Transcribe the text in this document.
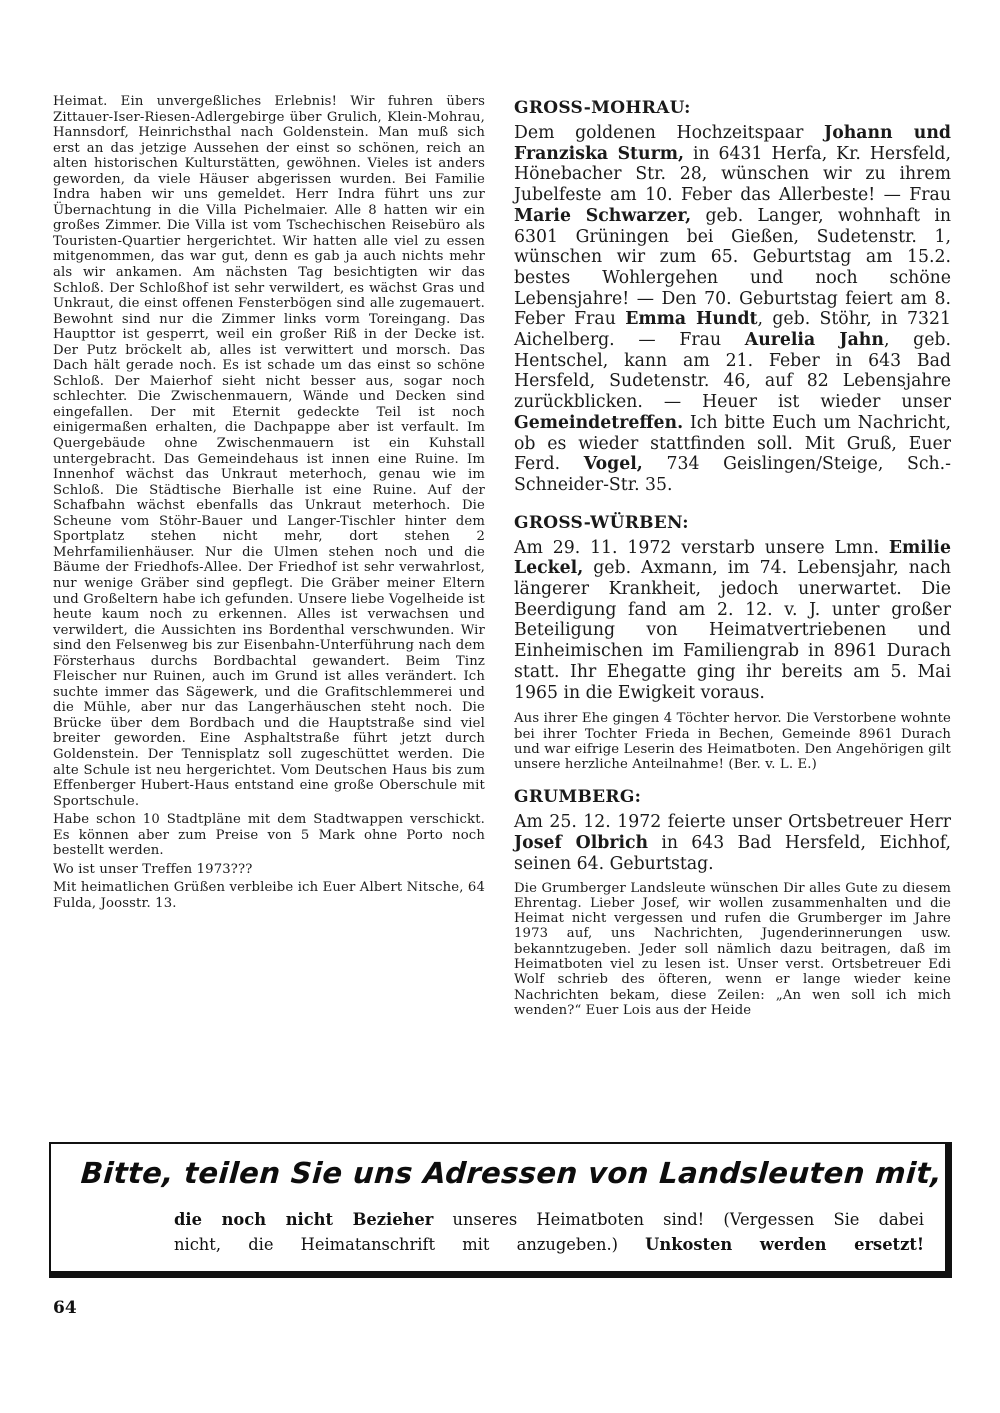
Heimat. Ein unvergeßliches Erlebnis! Wir fuhren übers Zittauer-Iser-Riesen-Adlergebirge über Grulich, Klein-Mohrau, Hannsdorf, Heinrichsthal nach Goldenstein. Man muß sich erst an das jetzige Aussehen der einst so schönen, reich an alten historischen Kulturstätten, gewöhnen. Vieles ist anders geworden, da viele Häuser abgerissen wurden. Bei Familie Indra haben wir uns gemeldet. Herr Indra führt uns zur Übernachtung in die Villa Pichelmaier. Alle 8 hatten wir ein großes Zimmer. Die Villa ist vom Tschechischen Reisebüro als Touristen-Quartier hergerichtet. Wir hatten alle viel zu essen mitgenommen, das war gut, denn es gab ja auch nichts mehr als wir ankamen. Am nächsten Tag besichtigten wir das Schloß. Der Schloßhof ist sehr verwildert, es wächst Gras und Unkraut, die einst offenen Fensterbögen sind alle zugemauert. Bewohnt sind nur die Zimmer links vorm Toreingang. Das Haupttor ist gesperrt, weil ein großer Riß in der Decke ist. Der Putz bröckelt ab, alles ist verwittert und morsch. Das Dach hält gerade noch. Es ist schade um das einst so schöne Schloß. Der Maierhof sieht nicht besser aus, sogar noch schlechter. Die Zwischenmauern, Wände und Decken sind eingefallen. Der mit Eternit gedeckte Teil ist noch einigermaßen erhalten, die Dachpappe aber ist verfault. Im Quergebäude ohne Zwischenmauern ist ein Kuhstall untergebracht. Das Gemeindehaus ist innen eine Ruine. Im Innenhof wächst das Unkraut meterhoch, genau wie im Schloß. Die Städtische Bierhalle ist eine Ruine. Auf der Schafbahn wächst ebenfalls das Unkraut meterhoch. Die Scheune vom Stöhr-Bauer und Langer-Tischler hinter dem Sportplatz stehen nicht mehr, dort stehen 2 Mehrfamilienhäuser. Nur die Ulmen stehen noch und die Bäume der Friedhofs-Allee. Der Friedhof ist sehr verwahrlost, nur wenige Gräber sind gepflegt. Die Gräber meiner Eltern und Großeltern habe ich gefunden. Unsere liebe Vogelheide ist heute kaum noch zu erkennen. Alles ist verwachsen und verwildert, die Aussichten ins Bordenthal verschwunden. Wir sind den Felsenweg bis zur Eisenbahn-Unterführung nach dem Försterhaus durchs Bordbachtal gewandert. Beim Tinz Fleischer nur Ruinen, auch im Grund ist alles verändert. Ich suchte immer das Sägewerk, und die Grafitschlemmerei und die Mühle, aber nur das Langerhäuschen steht noch. Die Brücke über dem Bordbach und die Hauptstraße sind viel breiter geworden. Eine Asphaltstraße führt jetzt durch Goldenstein. Der Tennisplatz soll zugeschüttet werden. Die alte Schule ist neu hergerichtet. Vom Deutschen Haus bis zum Effenberger Hubert-Haus entstand eine große Oberschule mit Sportschule.

Habe schon 10 Stadtpläne mit dem Stadtwappen verschickt. Es können aber zum Preise von 5 Mark ohne Porto noch bestellt werden.

Wo ist unser Treffen 1973???

Mit heimatlichen Grüßen verbleibe ich Euer Albert Nitsche, 64 Fulda, Joosstr. 13.

GROSS-MOHRAU:
Dem goldenen Hochzeitspaar Johann und Franziska Sturm, in 6431 Herfa, Kr. Hersfeld, Hönebacher Str. 28, wünschen wir zu ihrem Jubelfeste am 10. Feber das Allerbeste! — Frau Marie Schwarzer, geb. Langer, wohnhaft in 6301 Grüningen bei Gießen, Sudetenstr. 1, wünschen wir zum 65. Geburtstag am 15.2. bestes Wohlergehen und noch schöne Lebensjahre! — Den 70. Geburtstag feiert am 8. Feber Frau Emma Hundt, geb. Stöhr, in 7321 Aichelberg. — Frau Aurelia Jahn, geb. Hentschel, kann am 21. Feber in 643 Bad Hersfeld, Sudetenstr. 46, auf 82 Lebensjahre zurückblicken. — Heuer ist wieder unser Gemeindetreffen. Ich bitte Euch um Nachricht, ob es wieder stattfinden soll. Mit Gruß, Euer Ferd. Vogel, 734 Geislingen/Steige, Sch.-Schneider-Str. 35.
GROSS-WÜRBEN:
Am 29. 11. 1972 verstarb unsere Lmn. Emilie Leckel, geb. Axmann, im 74. Lebensjahr, nach längerer Krankheit, jedoch unerwartet. Die Beerdigung fand am 2. 12. v. J. unter großer Beteiligung von Heimatvertriebenen und Einheimischen im Familiengrab in 8961 Durach statt. Ihr Ehegatte ging ihr bereits am 5. Mai 1965 in die Ewigkeit voraus.
Aus ihrer Ehe gingen 4 Töchter hervor. Die Verstorbene wohnte bei ihrer Tochter Frieda in Bechen, Gemeinde 8961 Durach und war eifrige Leserin des Heimatboten. Den Angehörigen gilt unsere herzliche Anteilnahme! (Ber. v. L. E.)
GRUMBERG:
Am 25. 12. 1972 feierte unser Ortsbetreuer Herr Josef Olbrich in 643 Bad Hersfeld, Eichhof, seinen 64. Geburtstag.
Die Grumberger Landsleute wünschen Dir alles Gute zu diesem Ehrentag. Lieber Josef, wir wollen zusammenhalten und die Heimat nicht vergessen und rufen die Grumberger im Jahre 1973 auf, uns Nachrichten, Jugenderinnerungen usw. bekanntzugeben. Jeder soll nämlich dazu beitragen, daß im Heimatboten viel zu lesen ist. Unser verst. Ortsbetreuer Edi Wolf schrieb des öfteren, wenn er lange wieder keine Nachrichten bekam, diese Zeilen: „An wen soll ich mich wenden?“ Euer Lois aus der Heide
Bitte, teilen Sie uns Adressen von Landsleuten mit,
die noch nicht Bezieher unseres Heimatboten sind! (Vergessen Sie dabei
nicht, die Heimatanschrift mit anzugeben.) Unkosten werden ersetzt!
64
